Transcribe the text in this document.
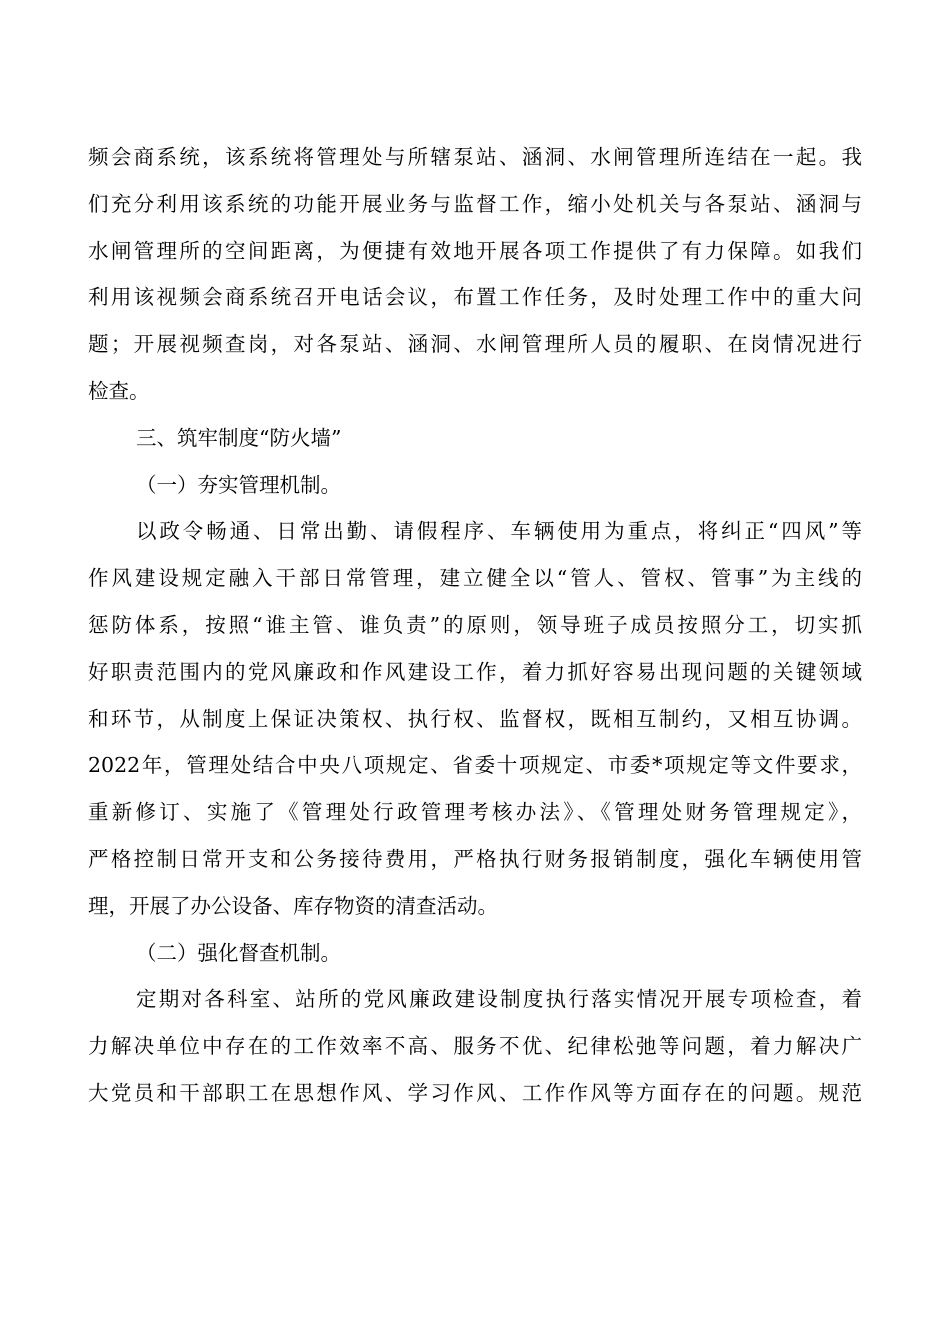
频会商系统，该系统将管理处与所辖泵站、涵洞、水闸管理所连结在一起。我
们充分利用该系统的功能开展业务与监督工作，缩小处机关与各泵站、涵洞与
水闸管理所的空间距离，为便捷有效地开展各项工作提供了有力保障。如我们
利用该视频会商系统召开电话会议，布置工作任务，及时处理工作中的重大问
题；开展视频查岗，对各泵站、涵洞、水闸管理所人员的履职、在岗情况进行
检查。
三、筑牢制度“防火墙”
（一）夯实管理机制。
以政令畅通、日常出勤、请假程序、车辆使用为重点，将纠正“四风”等
作风建设规定融入干部日常管理，建立健全以“管人、管权、管事”为主线的
惩防体系，按照“谁主管、谁负责”的原则，领导班子成员按照分工，切实抓
好职责范围内的党风廉政和作风建设工作，着力抓好容易出现问题的关键领域
和环节，从制度上保证决策权、执行权、监督权，既相互制约，又相互协调。
2022年，管理处结合中央八项规定、省委十项规定、市委*项规定等文件要求，
重新修订、实施了《管理处行政管理考核办法》、《管理处财务管理规定》，
严格控制日常开支和公务接待费用，严格执行财务报销制度，强化车辆使用管
理，开展了办公设备、库存物资的清查活动。
（二）强化督查机制。
定期对各科室、站所的党风廉政建设制度执行落实情况开展专项检查，着
力解决单位中存在的工作效率不高、服务不优、纪律松弛等问题，着力解决广
大党员和干部职工在思想作风、学习作风、工作作风等方面存在的问题。规范
